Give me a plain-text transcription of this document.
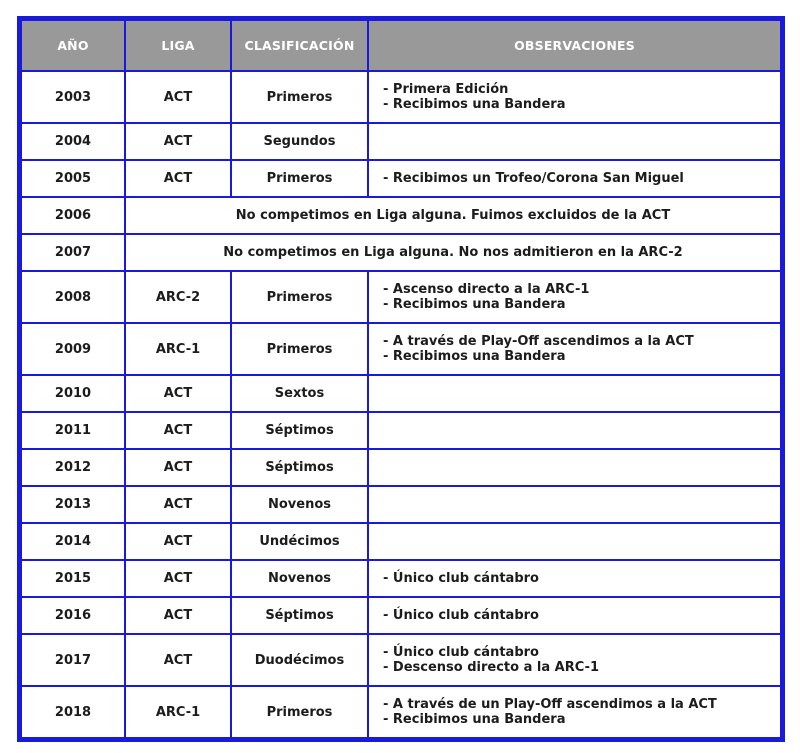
AÑO	LIGA	CLASIFICACIÓN	OBSERVACIONES
2003	ACT	Primeros	- Primera Edición
- Recibimos una Bandera

2004	ACT	Segundos	
2005	ACT	Primeros	- Recibimos un Trofeo/Corona San Miguel

2006	No competimos en Liga alguna. Fuimos excluidos de la ACT		
2007	No competimos en Liga alguna. No nos admitieron en la ARC-2		
2008	ARC-2	Primeros	- Ascenso directo a la ARC-1
- Recibimos una Bandera

2009	ARC-1	Primeros	- A través de Play-Off ascendimos a la ACT
- Recibimos una Bandera

2010	ACT	Sextos	
2011	ACT	Séptimos	
2012	ACT	Séptimos	
2013	ACT	Novenos	
2014	ACT	Undécimos	
2015	ACT	Novenos	- Único club cántabro

2016	ACT	Séptimos	- Único club cántabro

2017	ACT	Duodécimos	- Único club cántabro
- Descenso directo a la ARC-1

2018	ARC-1	Primeros	- A través de un Play-Off ascendimos a la ACT
- Recibimos una Bandera
